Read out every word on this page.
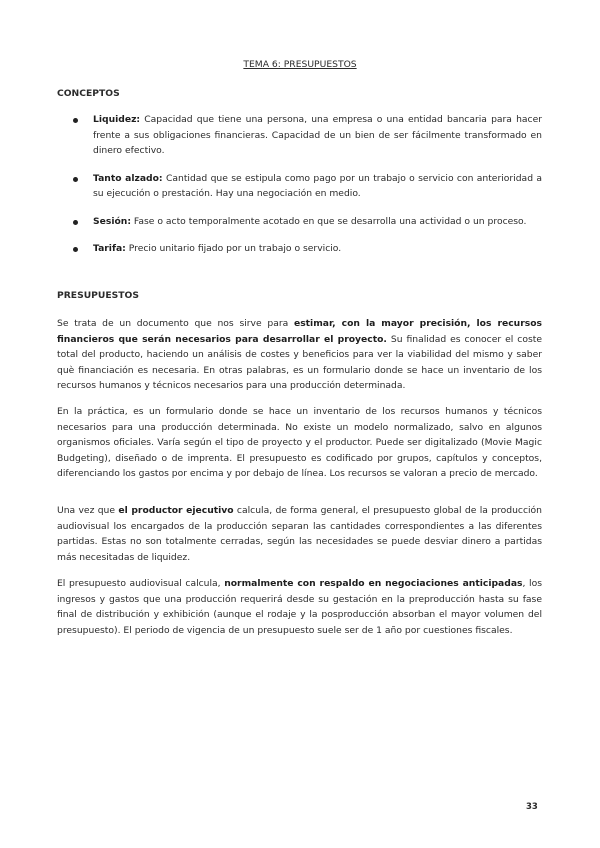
TEMA 6: PRESUPUESTOS
CONCEPTOS
Liquidez: Capacidad que tiene una persona, una empresa o una entidad bancaria para hacer frente a sus obligaciones financieras. Capacidad de un bien de ser fácilmente transformado en dinero efectivo.
Tanto alzado: Cantidad que se estipula como pago por un trabajo o servicio con anterioridad a su ejecución o prestación. Hay una negociación en medio.
Sesión: Fase o acto temporalmente acotado en que se desarrolla una actividad o un proceso.
Tarifa: Precio unitario fijado por un trabajo o servicio.
PRESUPUESTOS

Se trata de un documento que nos sirve para estimar, con la mayor precisión, los recursos financieros que serán necesarios para desarrollar el proyecto. Su finalidad es conocer el coste total del producto, haciendo un análisis de costes y beneficios para ver la viabilidad del mismo y saber què financiación es necesaria. En otras palabras, es un formulario donde se hace un inventario de los recursos humanos y técnicos necesarios para una producción determinada.

En la práctica, es un formulario donde se hace un inventario de los recursos humanos y técnicos necesarios para una producción determinada. No existe un modelo normalizado, salvo en algunos organismos oficiales. Varía según el tipo de proyecto y el productor. Puede ser digitalizado (Movie Magic Budgeting), diseñado o de imprenta. El presupuesto es codificado por grupos, capítulos y conceptos, diferenciando los gastos por encima y por debajo de línea. Los recursos se valoran a precio de mercado.

Una vez que el productor ejecutivo calcula, de forma general, el presupuesto global de la producción audiovisual los encargados de la producción separan las cantidades correspondientes a las diferentes partidas. Estas no son totalmente cerradas, según las necesidades se puede desviar dinero a partidas más necesitadas de liquidez.

El presupuesto audiovisual calcula, normalmente con respaldo en negociaciones anticipadas, los ingresos y gastos que una producción requerirá desde su gestación en la preproducción hasta su fase final de distribución y exhibición (aunque el rodaje y la posproducción absorban el mayor volumen del presupuesto). El periodo de vigencia de un presupuesto suele ser de 1 año por cuestiones fiscales.

33
